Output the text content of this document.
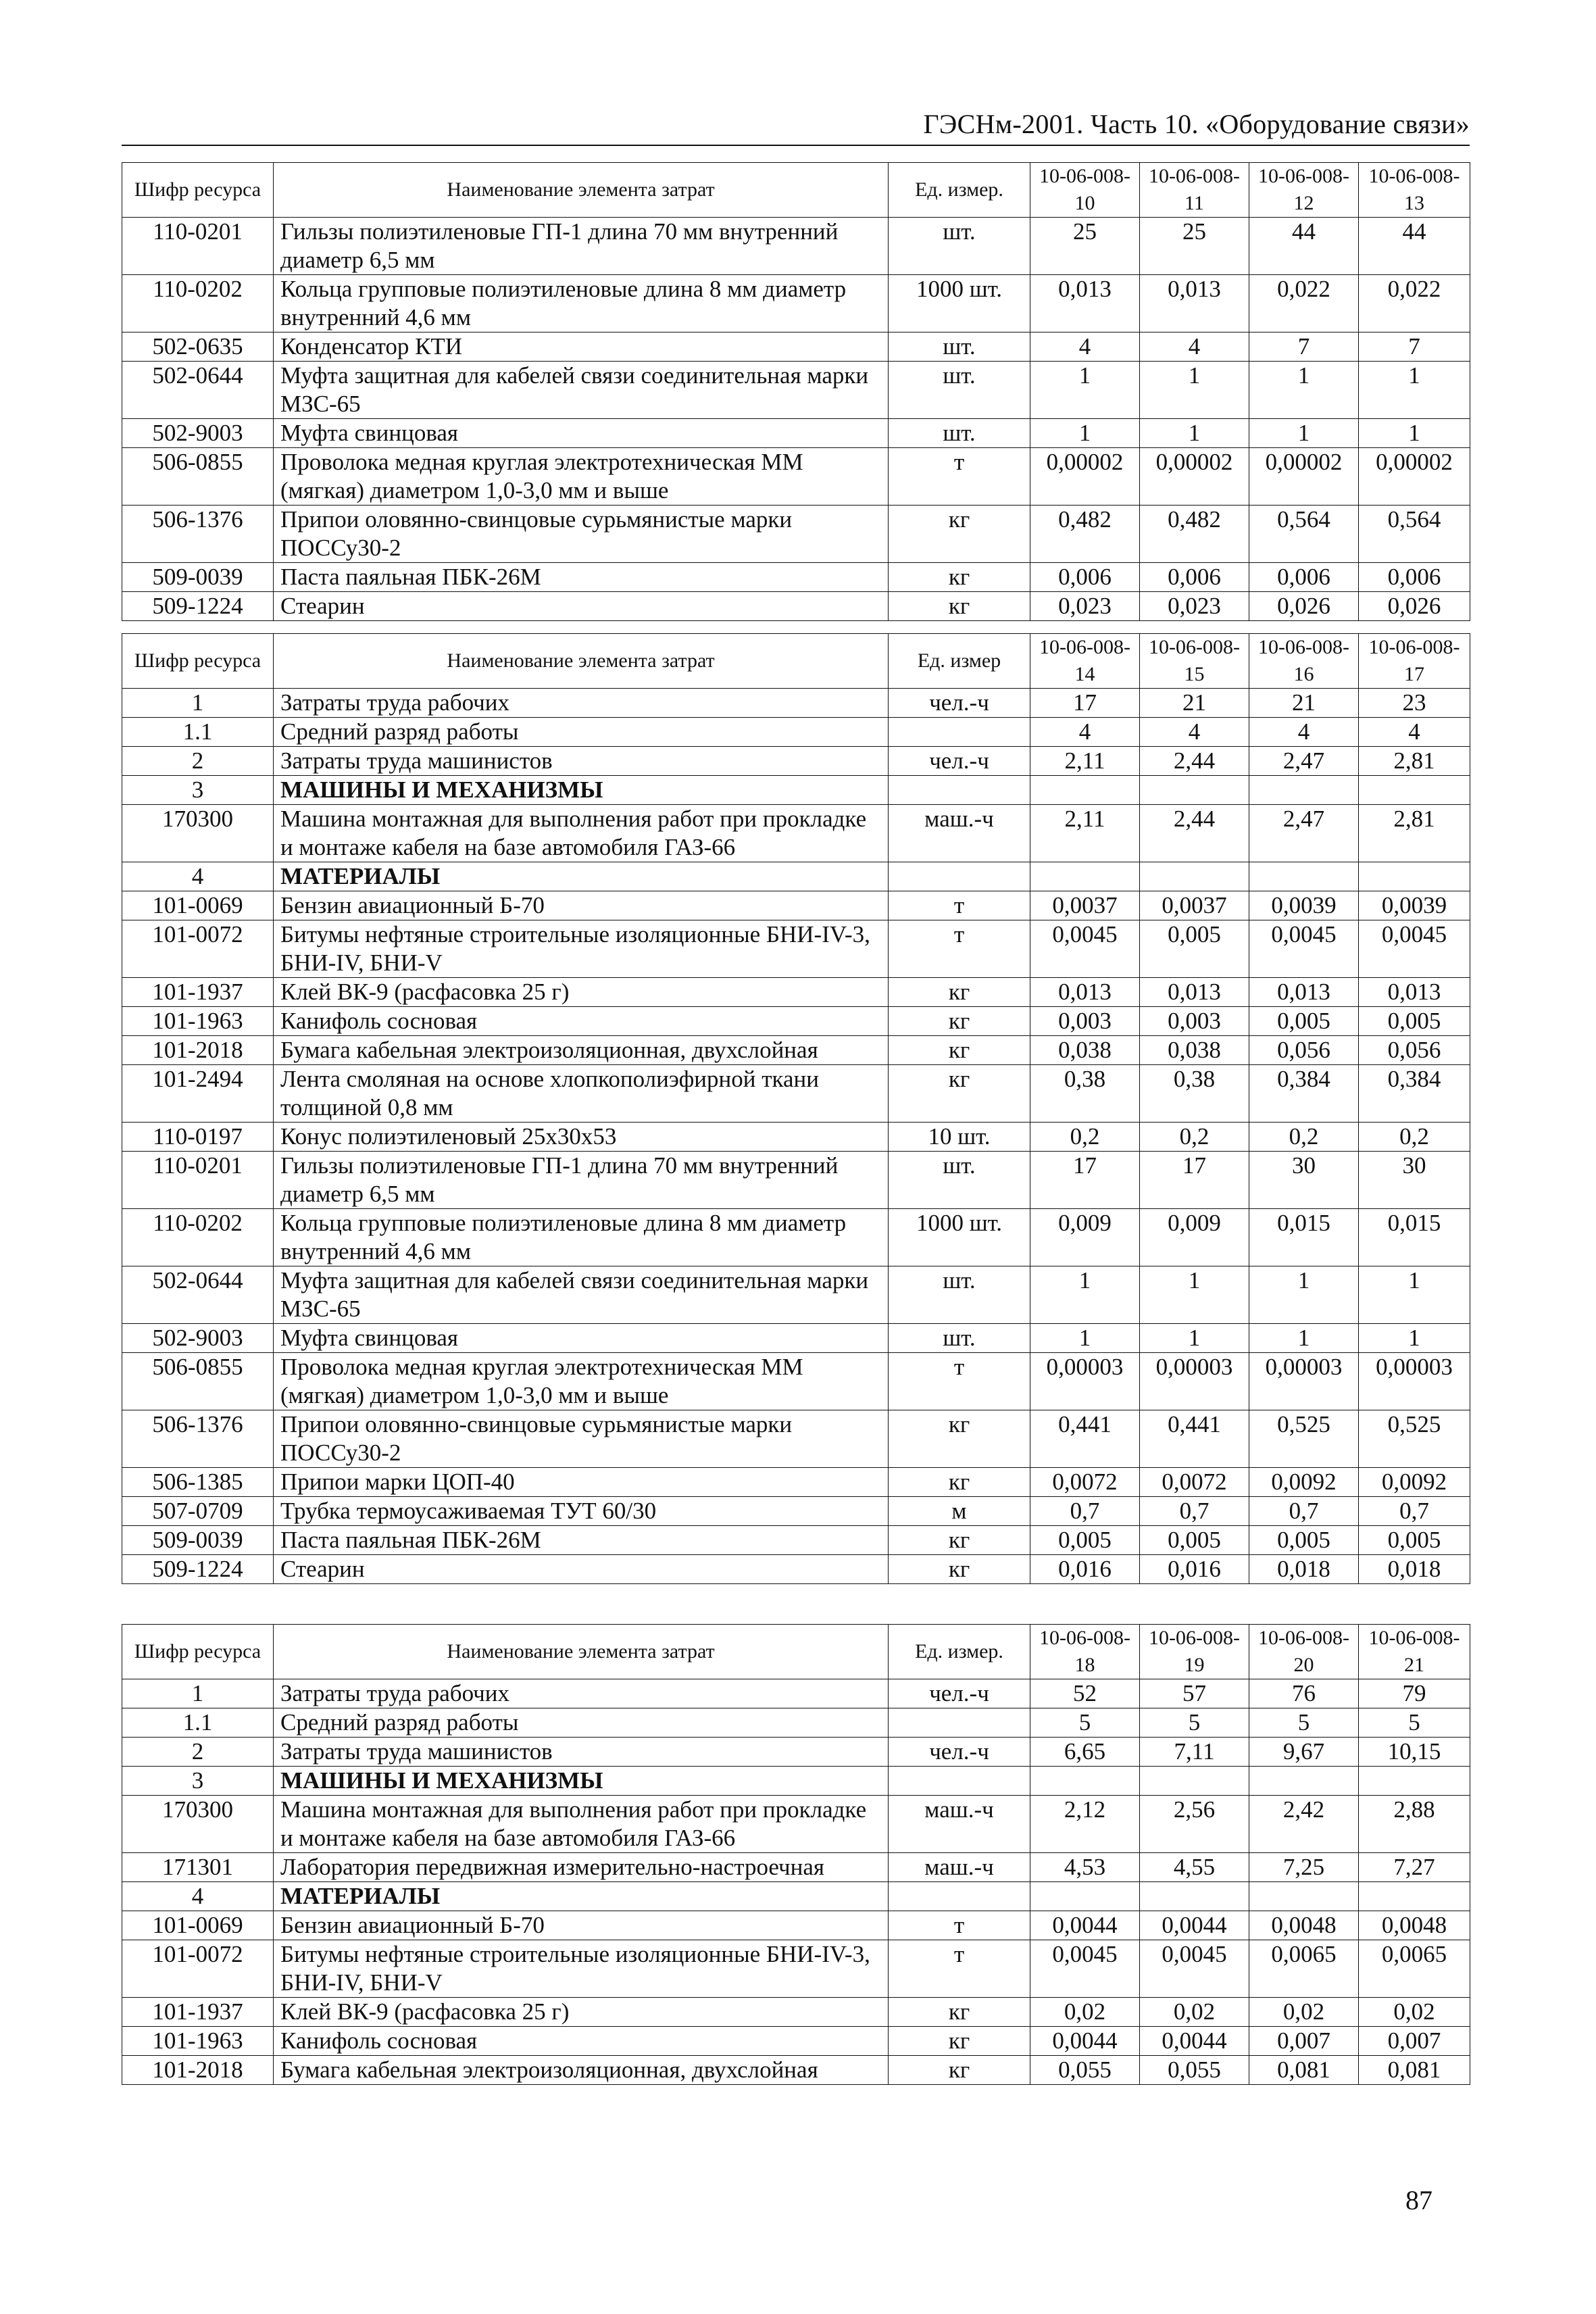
ГЭСНм-2001. Часть 10. «Оборудование связи»
Шифр ресурса	Наименование элемента затрат	Ед. измер.	10-06-008-10	10-06-008-11	10-06-008-12	10-06-008-13
110-0201	Гильзы полиэтиленовые ГП-1 длина 70 мм внутренний диаметр 6,5 мм	шт.	25	25	44	44
110-0202	Кольца групповые полиэтиленовые длина 8 мм диаметр внутренний 4,6 мм	1000 шт.	0,013	0,013	0,022	0,022
502-0635	Конденсатор КТИ	шт.	4	4	7	7
502-0644	Муфта защитная для кабелей связи соединительная марки МЗС-65	шт.	1	1	1	1
502-9003	Муфта свинцовая	шт.	1	1	1	1
506-0855	Проволока медная круглая электротехническая ММ (мягкая) диаметром 1,0-3,0 мм и выше	т	0,00002	0,00002	0,00002	0,00002
506-1376	Припои оловянно-свинцовые сурьмянистые марки ПОССу30-2	кг	0,482	0,482	0,564	0,564
509-0039	Паста паяльная ПБК-26М	кг	0,006	0,006	0,006	0,006
509-1224	Стеарин	кг	0,023	0,023	0,026	0,026
Шифр ресурса	Наименование элемента затрат	Ед. измер	10-06-008-14	10-06-008-15	10-06-008-16	10-06-008-17
1	Затраты труда рабочих	чел.-ч	17	21	21	23
1.1	Средний разряд работы		4	4	4	4
2	Затраты труда машинистов	чел.-ч	2,11	2,44	2,47	2,81
3	МАШИНЫ И МЕХАНИЗМЫ					
170300	Машина монтажная для выполнения работ при прокладке и монтаже кабеля на базе автомобиля ГАЗ-66	маш.-ч	2,11	2,44	2,47	2,81
4	МАТЕРИАЛЫ					
101-0069	Бензин авиационный Б-70	т	0,0037	0,0037	0,0039	0,0039
101-0072	Битумы нефтяные строительные изоляционные БНИ-IV-3, БНИ-IV, БНИ-V	т	0,0045	0,005	0,0045	0,0045
101-1937	Клей ВК-9 (расфасовка 25 г)	кг	0,013	0,013	0,013	0,013
101-1963	Канифоль сосновая	кг	0,003	0,003	0,005	0,005
101-2018	Бумага кабельная электроизоляционная, двухслойная	кг	0,038	0,038	0,056	0,056
101-2494	Лента смоляная на основе хлопкополиэфирной ткани толщиной 0,8 мм	кг	0,38	0,38	0,384	0,384
110-0197	Конус полиэтиленовый 25х30х53	10 шт.	0,2	0,2	0,2	0,2
110-0201	Гильзы полиэтиленовые ГП-1 длина 70 мм внутренний диаметр 6,5 мм	шт.	17	17	30	30
110-0202	Кольца групповые полиэтиленовые длина 8 мм диаметр внутренний 4,6 мм	1000 шт.	0,009	0,009	0,015	0,015
502-0644	Муфта защитная для кабелей связи соединительная марки МЗС-65	шт.	1	1	1	1
502-9003	Муфта свинцовая	шт.	1	1	1	1
506-0855	Проволока медная круглая электротехническая ММ (мягкая) диаметром 1,0-3,0 мм и выше	т	0,00003	0,00003	0,00003	0,00003
506-1376	Припои оловянно-свинцовые сурьмянистые марки ПОССу30-2	кг	0,441	0,441	0,525	0,525
506-1385	Припои марки ЦОП-40	кг	0,0072	0,0072	0,0092	0,0092
507-0709	Трубка термоусаживаемая ТУТ 60/30	м	0,7	0,7	0,7	0,7
509-0039	Паста паяльная ПБК-26М	кг	0,005	0,005	0,005	0,005
509-1224	Стеарин	кг	0,016	0,016	0,018	0,018
Шифр ресурса	Наименование элемента затрат	Ед. измер.	10-06-008-18	10-06-008-19	10-06-008-20	10-06-008-21
1	Затраты труда рабочих	чел.-ч	52	57	76	79
1.1	Средний разряд работы		5	5	5	5
2	Затраты труда машинистов	чел.-ч	6,65	7,11	9,67	10,15
3	МАШИНЫ И МЕХАНИЗМЫ					
170300	Машина монтажная для выполнения работ при прокладке и монтаже кабеля на базе автомобиля ГАЗ-66	маш.-ч	2,12	2,56	2,42	2,88
171301	Лаборатория передвижная измерительно-настроечная	маш.-ч	4,53	4,55	7,25	7,27
4	МАТЕРИАЛЫ					
101-0069	Бензин авиационный Б-70	т	0,0044	0,0044	0,0048	0,0048
101-0072	Битумы нефтяные строительные изоляционные БНИ-IV-3, БНИ-IV, БНИ-V	т	0,0045	0,0045	0,0065	0,0065
101-1937	Клей ВК-9 (расфасовка 25 г)	кг	0,02	0,02	0,02	0,02
101-1963	Канифоль сосновая	кг	0,0044	0,0044	0,007	0,007
101-2018	Бумага кабельная электроизоляционная, двухслойная	кг	0,055	0,055	0,081	0,081
87
